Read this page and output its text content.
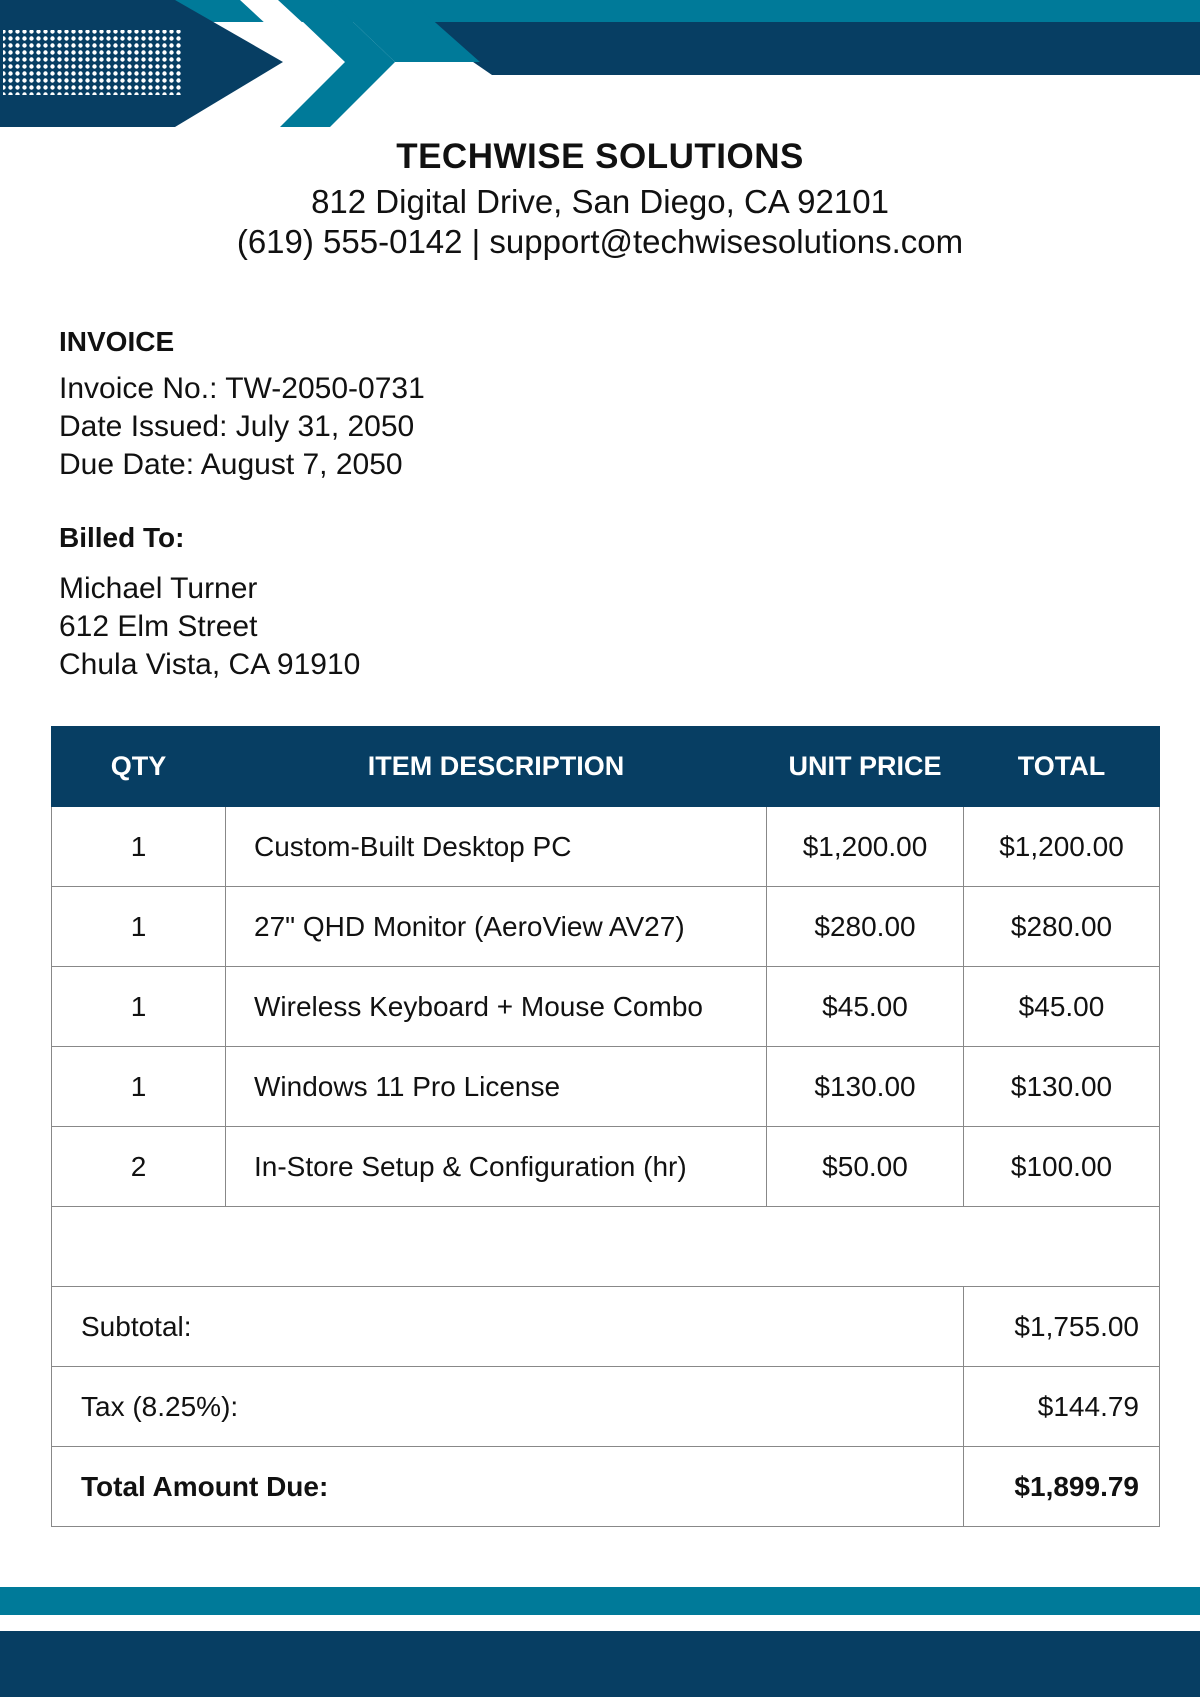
TECHWISE SOLUTIONS
812 Digital Drive, San Diego, CA 92101
(619) 555-0142 | support@techwisesolutions.com
INVOICE
Invoice No.: TW-2050-0731
Date Issued: July 31, 2050
Due Date: August 7, 2050
Billed To:
Michael Turner
612 Elm Street
Chula Vista, CA 91910
QTY	ITEM DESCRIPTION	UNIT PRICE	TOTAL
1	Custom-Built Desktop PC	$1,200.00	$1,200.00
1	27" QHD Monitor (AeroView AV27)	$280.00	$280.00
1	Wireless Keyboard + Mouse Combo	$45.00	$45.00
1	Windows 11 Pro License	$130.00	$130.00
2	In-Store Setup & Configuration (hr)	$50.00	$100.00

Subtotal:			$1,755.00
Tax (8.25%):			$144.79
Total Amount Due:			$1,899.79
